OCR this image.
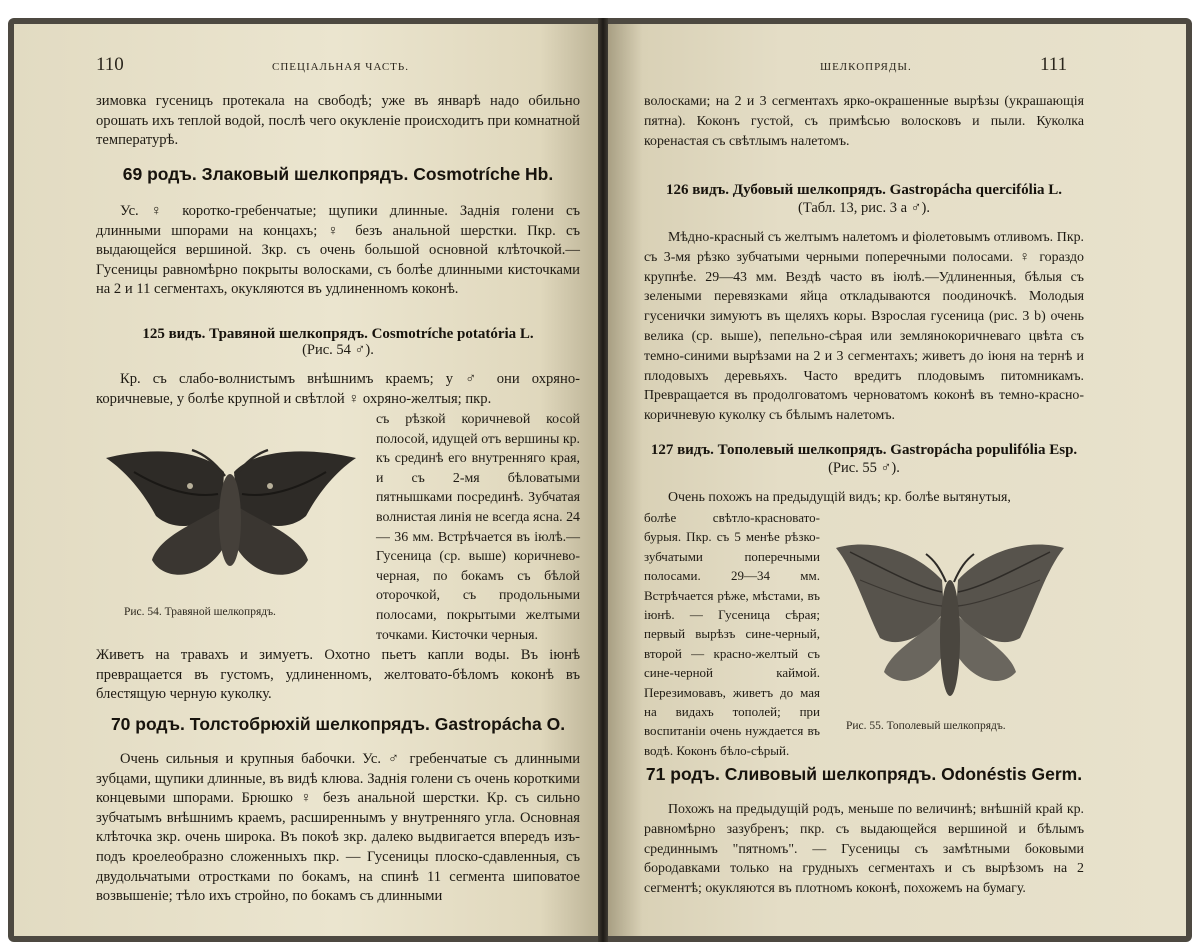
110	СПЕЦІАЛЬНАЯ ЧАСТЬ.

зимовка гусеницъ протекала на свободѣ; уже въ январѣ надо обильно орошать ихъ теплой водой, послѣ чего окукленіе происходитъ при комнатной температурѣ.

69 родъ. Злаковый шелкопрядъ. Cosmotríche Hb.

Ус. ♀ коротко-гребенчатые; щупики длинные. Заднія голени съ длинными шпорами на концахъ; ♀ безъ анальной шерстки. Пкр. съ выдающейся вершиной. Зкр. съ очень большой основной клѣточкой.—Гусеницы равномѣрно покрыты волосками, съ болѣе длинными кисточками на 2 и 11 сегментахъ, окукляются въ удлиненномъ коконѣ.

125 видъ. Травяной шелкопрядъ. Cosmotríche potatória L.

(Рис. 54 ♂).

Кр. съ слабо-волнистымъ внѣшнимъ краемъ; у ♂ они охряно-коричневые, у болѣе крупной и свѣтлой ♀ охряно-желтыя; пкр.

Рис. 54. Травяной шелкопрядъ.

съ рѣзкой коричневой косой полосой, идущей отъ вершины кр. къ срединѣ его внутренняго края, и съ 2-мя бѣловатыми пятнышками посрединѣ. Зубчатая волнистая линія не всегда ясна. 24 — 36 мм. Встрѣчается въ іюлѣ.—Гусеница (ср. выше) коричнево-черная, по бокамъ съ бѣлой оторочкой, съ продольными полосами, покрытыми желтыми точками. Кисточки черныя.

Живетъ на травахъ и зимуетъ. Охотно пьетъ капли воды. Въ іюнѣ превращается въ густомъ, удлиненномъ, желтовато-бѣломъ коконѣ въ блестящую черную куколку.

70 родъ. Толстобрюхій шелкопрядъ. Gastropácha O.

Очень сильныя и крупныя бабочки. Ус. ♂ гребенчатые съ длинными зубцами, щупики длинные, въ видѣ клюва. Заднія голени съ очень короткими концевыми шпорами. Брюшко ♀ безъ анальной шерстки. Кр. съ сильно зубчатымъ внѣшнимъ краемъ, расширеннымъ у внутренняго угла. Основная клѣточка зкр. очень широка. Въ покоѣ зкр. далеко выдвигается впередъ изъ-подъ кроелеобразно сложенныхъ пкр. — Гусеницы плоско-сдавленныя, съ двудольчатыми отростками по бокамъ, на спинѣ 11 сегмента шиповатое возвышеніе; тѣло ихъ стройно, по бокамъ съ длинными

ШЕЛКОПРЯДЫ.	111

волосками; на 2 и 3 сегментахъ ярко-окрашенные вырѣзы (украшающія пятна). Коконъ густой, съ примѣсью волосковъ и пыли. Куколка коренастая съ свѣтлымъ налетомъ.

126 видъ. Дубовый шелкопрядъ. Gastropácha quercifólia L.

(Табл. 13, рис. 3 a ♂).

Мѣдно-красный съ желтымъ налетомъ и фіолетовымъ отливомъ. Пкр. съ 3-мя рѣзко зубчатыми черными поперечными полосами. ♀ гораздо крупнѣе. 29—43 мм. Вездѣ часто въ іюлѣ.—Удлиненныя, бѣлыя съ зелеными перевязками яйца откладываются поодиночкѣ. Молодыя гусенички зимуютъ въ щеляхъ коры. Взрослая гусеница (рис. 3 b) очень велика (ср. выше), пепельно-сѣрая или землянокоричневаго цвѣта съ темно-синими вырѣзами на 2 и 3 сегментахъ; живетъ до іюня на тернѣ и плодовыхъ деревьяхъ. Часто вредитъ плодовымъ питомникамъ. Превращается въ продолговатомъ черноватомъ коконѣ въ темно-красно-коричневую куколку съ бѣлымъ налетомъ.

127 видъ. Тополевый шелкопрядъ. Gastropácha populifólia Esp.

(Рис. 55 ♂).

Очень похожъ на предыдущій видъ; кр. болѣе вытянутыя,

болѣе свѣтло-красновато-бурыя. Пкр. съ 5 менѣе рѣзко-зубчатыми поперечными полосами. 29—34 мм. Встрѣчается рѣже, мѣстами, въ іюнѣ. — Гусеница сѣрая; первый вырѣзъ сине-черный, второй — красно-желтый съ сине-черной каймой. Перезимовавъ, живетъ до мая на видахъ тополей; при воспитаніи очень нуждается въ водѣ. Коконъ бѣло-сѣрый.

Рис. 55. Тополевый шелкопрядъ.

71 родъ. Сливовый шелкопрядъ. Odonéstis Germ.

Похожъ на предыдущій родъ, меньше по величинѣ; внѣшній край кр. равномѣрно зазубренъ; пкр. съ выдающейся вершиной и бѣлымъ срединнымъ "пятномъ". — Гусеницы съ замѣтными боковыми бородавками только на грудныхъ сегментахъ и съ вырѣзомъ на 2 сегментѣ; окукляются въ плотномъ коконѣ, похожемъ на бумагу.
